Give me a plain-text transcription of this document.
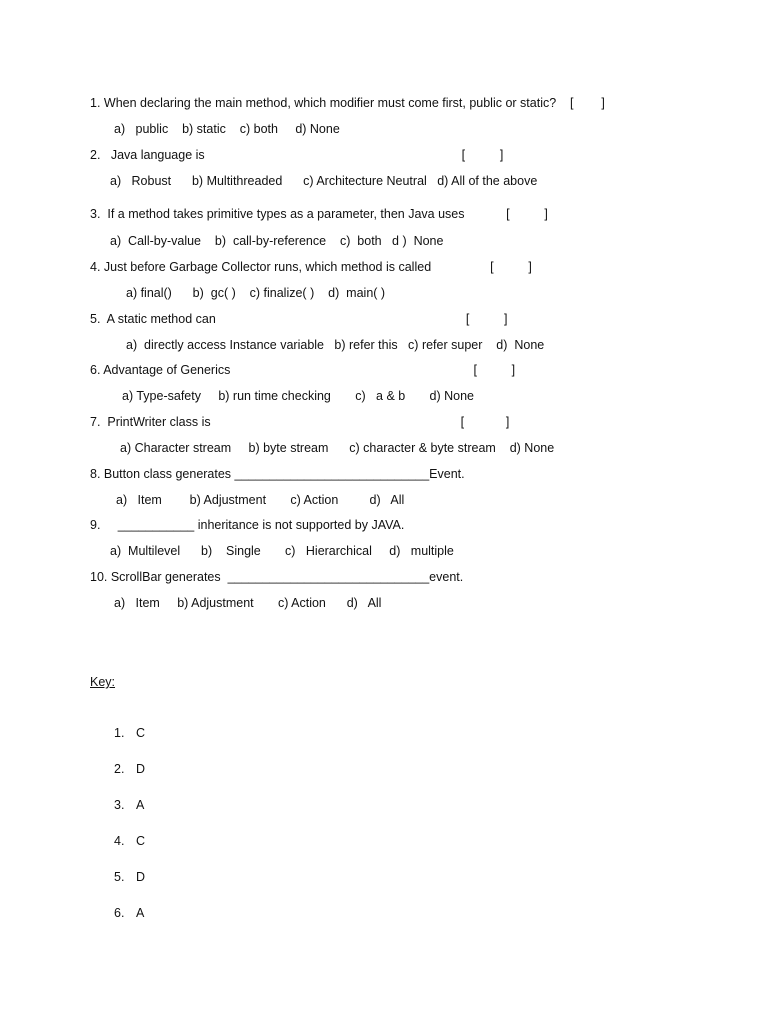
1. When declaring the main method, which modifier must come first, public or static?    [        ]
a)   public    b) static    c) both     d) None
2.   Java language is                                                                          [          ]
a)   Robust      b) Multithreaded      c) Architecture Neutral   d) All of the above
3.  If a method takes primitive types as a parameter, then Java uses            [          ]
a)  Call-by-value    b)  call-by-reference    c)  both   d )  None
4. Just before Garbage Collector runs, which method is called                 [          ]
a) final()      b)  gc( )    c) finalize( )    d)  main( )
5.  A static method can                                                                        [          ]
a)  directly access Instance variable   b) refer this   c) refer super    d)  None
6. Advantage of Generics                                                                      [          ]
a) Type-safety     b) run time checking       c)   a & b       d) None
7.  PrintWriter class is                                                                        [            ]
a) Character stream     b) byte stream      c) character & byte stream    d) None
8. Button class generates ____________________________Event.
a)   Item        b) Adjustment       c) Action         d)   All
9.     ___________ inheritance is not supported by JAVA.
a)  Multilevel      b)    Single       c)   Hierarchical     d)   multiple
10. ScrollBar generates  _____________________________event.
a)   Item     b) Adjustment       c) Action      d)   All
Key:
1. C
2. D
3. A
4. C
5. D
6. A
